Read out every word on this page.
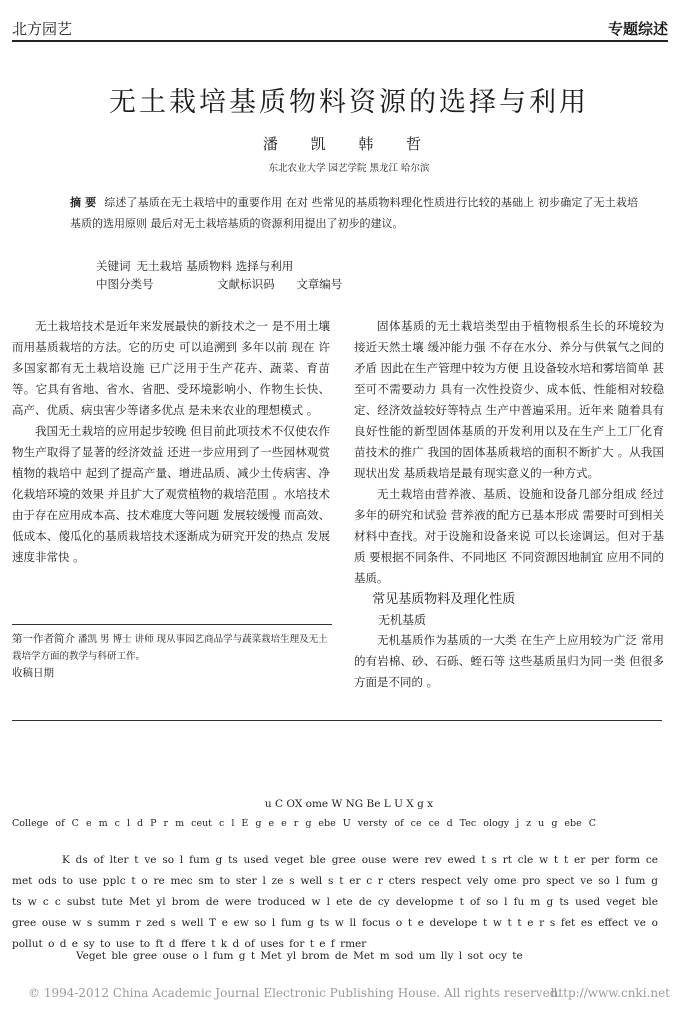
北方园艺	专题综述
无土栽培基质物料资源的选择与利用
潘 凯 韩 哲
东北农业大学 园艺学院 黑龙江 哈尔滨
摘 要 综述了基质在无土栽培中的重要作用 在对 些常见的基质物料理化性质进行比较的基础上 初步确定了无土栽培基质的选用原则 最后对无土栽培基质的资源利用提出了初步的建议。
关键词 无土栽培 基质物料 选择与利用
中图分类号	文献标识码 文章编号

无土栽培技术是近年来发展最快的新技术之一 是不用土壤而用基质栽培的方法。它的历史 可以追溯到 多年以前 现在 许多国家都有无土栽培设施 已广泛用于生产花卉、蔬菜、育苗等。它具有省地、省水、省肥、受环境影响小、作物生长快、高产、优质、病虫害少等诸多优点 是未来农业的理想模式 。

我国无土栽培的应用起步较晚 但目前此项技术不仅使农作物生产取得了显著的经济效益 还进一步应用到了一些园林观赏植物的栽培中 起到了提高产量、增进品质、减少土传病害、净化栽培环境的效果 并且扩大了观赏植物的栽培范围 。水培技术由于存在应用成本高、技术难度大等问题 发展较缓慢 而高效、低成本、傻瓜化的基质栽培技术逐渐成为研究开发的热点 发展速度非常快 。

固体基质的无土栽培类型由于植物根系生长的环境较为接近天然土壤 缓冲能力强 不存在水分、养分与供氧气之间的矛盾 因此在生产管理中较为方便 且设备较水培和雾培简单 甚至可不需要动力 具有一次性投资少、成本低、性能相对较稳定、经济效益较好等特点 生产中普遍采用。近年来 随着具有良好性能的新型固体基质的开发利用以及在生产上工厂化育苗技术的推广 我国的固体基质栽培的面积不断扩大 。从我国现状出发 基质栽培是最有现实意义的一种方式。

无土栽培由营养液、基质、设施和设备几部分组成 经过多年的研究和试验 营养液的配方已基本形成 需要时可到相关材料中查找。对于设施和设备来说 可以长途调运。但对于基质 要根据不同条件、不同地区 不同资源因地制宜 应用不同的基质。

常见基质物料及理化性质
无机基质

无机基质作为基质的一大类 在生产上应用较为广泛 常用的有岩棉、砂、石砾、蛭石等 这些基质虽归为同一类 但很多方面是不同的 。

第一作者简介 潘凯 男 博士 讲师 现从事园艺商品学与蔬菜栽培生理及无土栽培学方面的教学与科研工作。
收稿日期
u C OX ome W NG Be L U X g x
College of C e m c l d P r m ceut c l E g e e r g ebe U versty of ce ce d Tec ology j z u g ebe C
K ds of lter t ve so l fum g ts used veget ble gree ouse were rev ewed t s rt cle w t t er per form ce met ods to use pplc t o re mec sm to ster l ze s well s t er c r cters respect vely ome pro spect ve so l fum g ts w c c subst tute Met yl brom de were troduced w l ete de cy developme t of so l fu m g ts used veget ble gree ouse w s summ r zed s well T e ew so l fum g ts w ll focus o t e develope t w t t e r s fet es effect ve o pollut o d e sy to use to ft d ffere t k d of uses for t e f rmer
Veget ble gree ouse o l fum g t Met yl brom de Met m sod um lly l sot ocy te
© 1994-2012 China Academic Journal Electronic Publishing House. All rights reserved.
http://www.cnki.net
